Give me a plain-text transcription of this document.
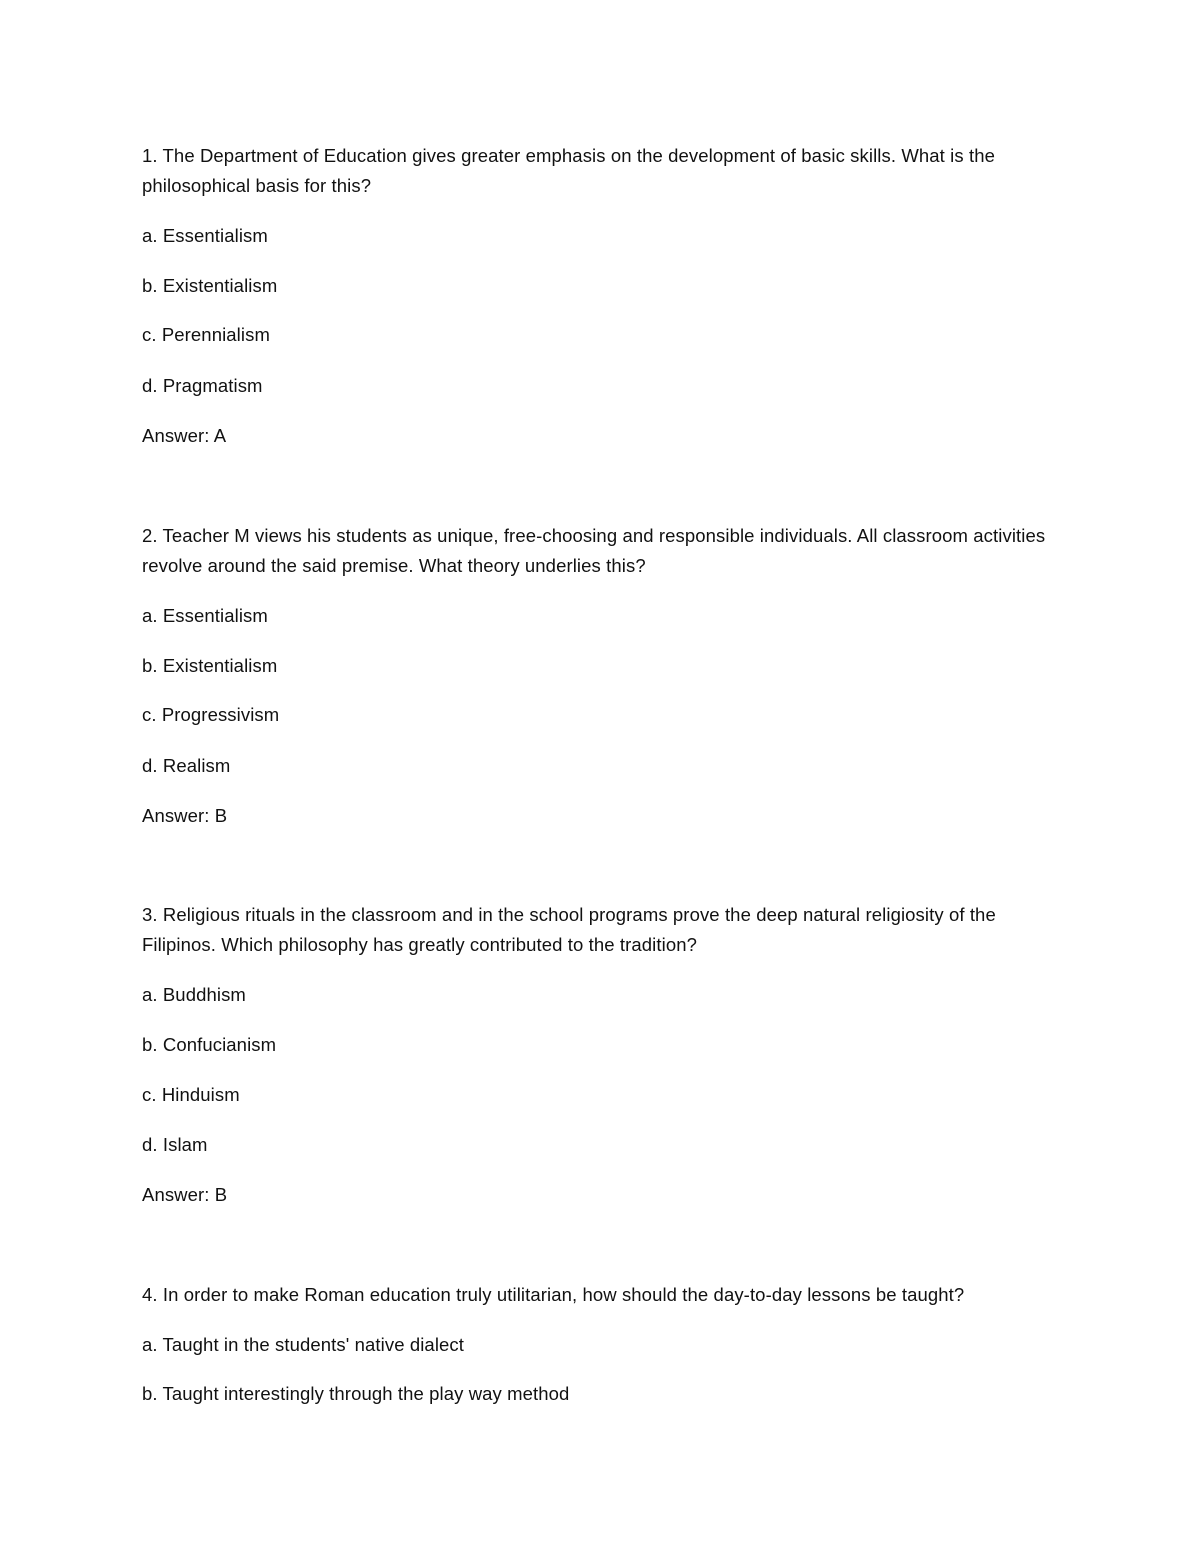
1. The Department of Education gives greater emphasis on the development of basic skills. What is the philosophical basis for this?
a. Essentialism
b. Existentialism
c. Perennialism
d. Pragmatism
Answer: A
2. Teacher M views his students as unique, free-choosing and responsible individuals. All classroom activities revolve around the said premise. What theory underlies this?
a. Essentialism
b. Existentialism
c. Progressivism
d. Realism
Answer: B
3. Religious rituals in the classroom and in the school programs prove the deep natural religiosity of the Filipinos. Which philosophy has greatly contributed to the tradition?
a. Buddhism
b. Confucianism
c. Hinduism
d. Islam
Answer: B
4. In order to make Roman education truly utilitarian, how should the day-to-day lessons be taught?
a. Taught in the students' native dialect
b. Taught interestingly through the play way method
